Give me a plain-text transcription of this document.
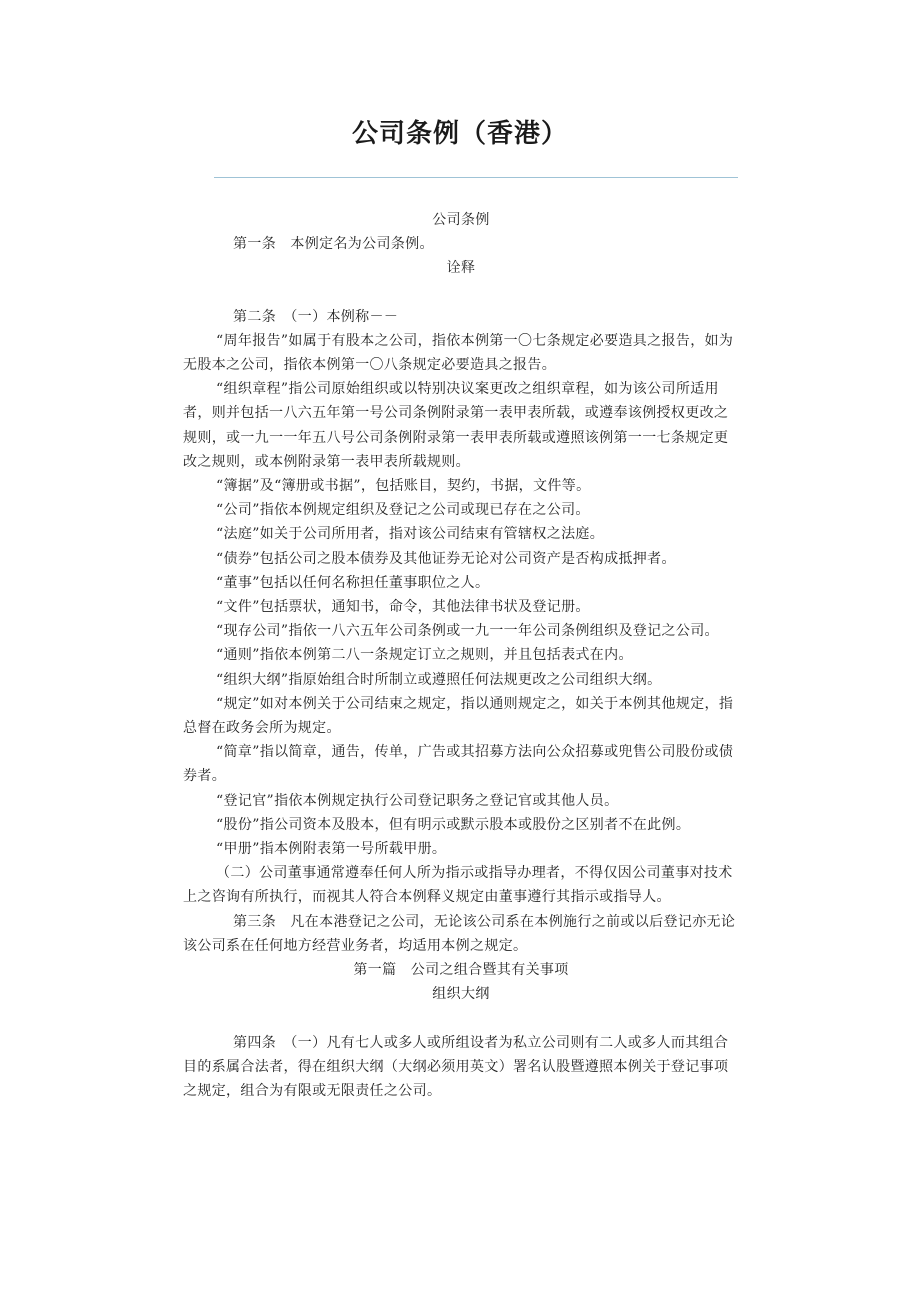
公司条例（香港）

公司条例

第一条　本例定名为公司条例。

诠释

第二条　（一）本例称－－

“周年报告”如属于有股本之公司，指依本例第一〇七条规定必要造具之报告，如为无股本之公司，指依本例第一〇八条规定必要造具之报告。

“组织章程”指公司原始组织或以特别决议案更改之组织章程，如为该公司所适用者，则并包括一八六五年第一号公司条例附录第一表甲表所载，或遵奉该例授权更改之规则，或一九一一年五八号公司条例附录第一表甲表所载或遵照该例第一一七条规定更改之规则，或本例附录第一表甲表所载规则。

“簿据”及“簿册或书据”，包括账目，契约，书据，文件等。

“公司”指依本例规定组织及登记之公司或现已存在之公司。

“法庭”如关于公司所用者，指对该公司结束有管辖权之法庭。

“债券”包括公司之股本债券及其他证券无论对公司资产是否构成抵押者。

“董事”包括以任何名称担任董事职位之人。

“文件”包括票状，通知书，命令，其他法律书状及登记册。

“现存公司”指依一八六五年公司条例或一九一一年公司条例组织及登记之公司。

“通则”指依本例第二八一条规定订立之规则，并且包括表式在内。

“组织大纲”指原始组合时所制立或遵照任何法规更改之公司组织大纲。

“规定”如对本例关于公司结束之规定，指以通则规定之，如关于本例其他规定，指总督在政务会所为规定。

“简章”指以简章，通告，传单，广告或其招募方法向公众招募或兜售公司股份或债券者。

“登记官”指依本例规定执行公司登记职务之登记官或其他人员。

“股份”指公司资本及股本，但有明示或默示股本或股份之区别者不在此例。

“甲册”指本例附表第一号所载甲册。

（二）公司董事通常遵奉任何人所为指示或指导办理者，不得仅因公司董事对技术上之咨询有所执行，而视其人符合本例释义规定由董事遵行其指示或指导人。

第三条　凡在本港登记之公司，无论该公司系在本例施行之前或以后登记亦无论该公司系在任何地方经营业务者，均适用本例之规定。

第一篇　公司之组合暨其有关事项

组织大纲

第四条　（一）凡有七人或多人或所组设者为私立公司则有二人或多人而其组合目的系属合法者，得在组织大纲（大纲必须用英文）署名认股暨遵照本例关于登记事项之规定，组合为有限或无限责任之公司。
